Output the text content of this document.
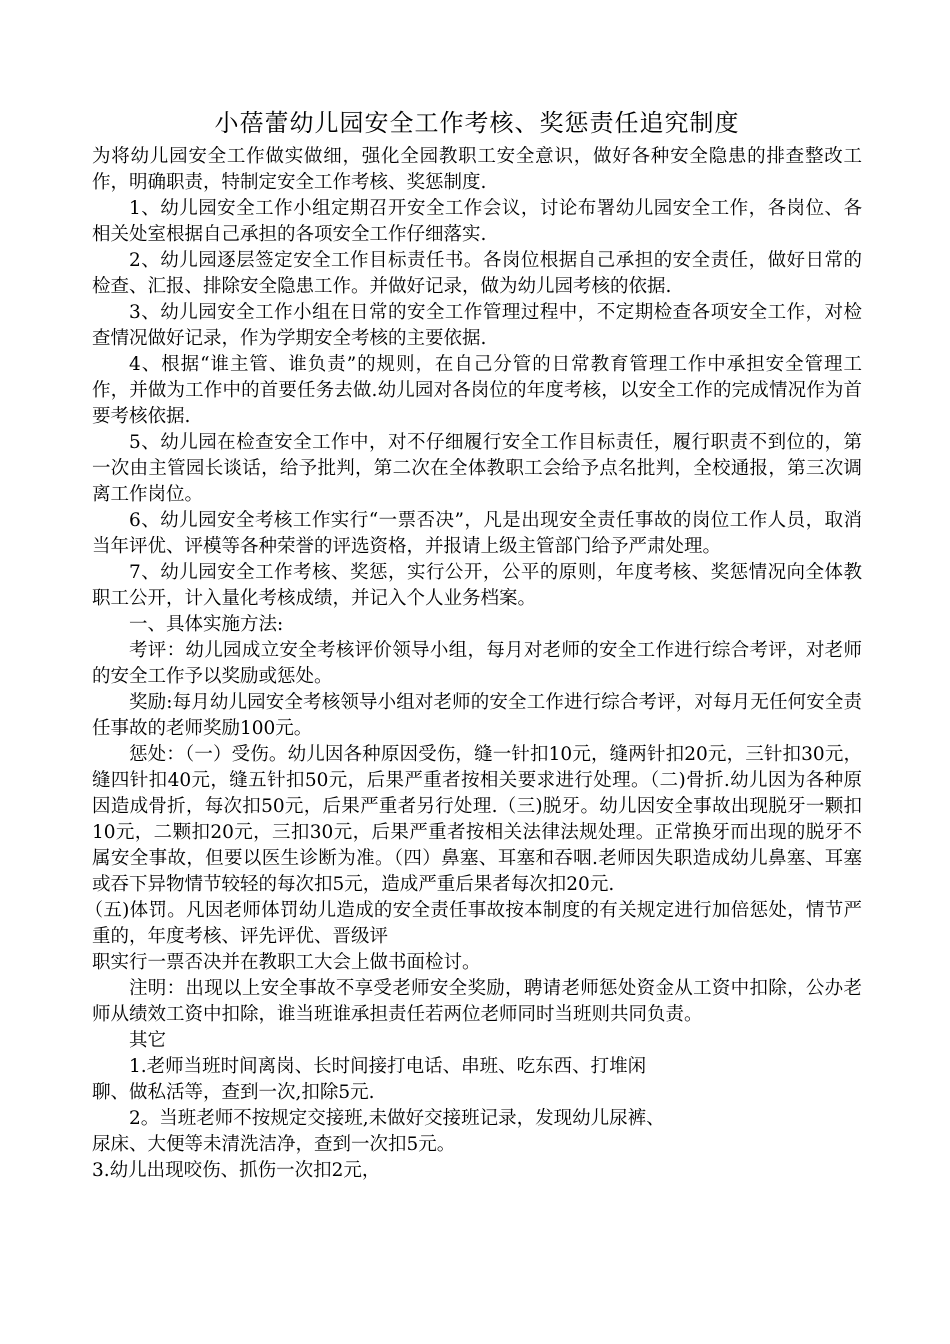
小蓓蕾幼儿园安全工作考核、奖惩责任追究制度

为将幼儿园安全工作做实做细，强化全园教职工安全意识，做好各种安全隐患的排查整改工作，明确职责，特制定安全工作考核、奖惩制度.

1、幼儿园安全工作小组定期召开安全工作会议，讨论布署幼儿园安全工作，各岗位、各相关处室根据自己承担的各项安全工作仔细落实.

2、幼儿园逐层签定安全工作目标责任书。各岗位根据自己承担的安全责任，做好日常的检查、汇报、排除安全隐患工作。并做好记录，做为幼儿园考核的依据.

3、幼儿园安全工作小组在日常的安全工作管理过程中，不定期检查各项安全工作，对检查情况做好记录，作为学期安全考核的主要依据.

4、根据“谁主管、谁负责”的规则，在自己分管的日常教育管理工作中承担安全管理工作，并做为工作中的首要任务去做.幼儿园对各岗位的年度考核，以安全工作的完成情况作为首要考核依据.

5、幼儿园在检查安全工作中，对不仔细履行安全工作目标责任，履行职责不到位的，第一次由主管园长谈话，给予批判，第二次在全体教职工会给予点名批判，全校通报，第三次调离工作岗位。

6、幼儿园安全考核工作实行“一票否决”，凡是出现安全责任事故的岗位工作人员，取消当年评优、评模等各种荣誉的评选资格，并报请上级主管部门给予严肃处理。

7、幼儿园安全工作考核、奖惩，实行公开，公平的原则，年度考核、奖惩情况向全体教职工公开，计入量化考核成绩，并记入个人业务档案。

一、具体实施方法:

考评：幼儿园成立安全考核评价领导小组，每月对老师的安全工作进行综合考评，对老师的安全工作予以奖励或惩处。

奖励:每月幼儿园安全考核领导小组对老师的安全工作进行综合考评，对每月无任何安全责任事故的老师奖励100元。

惩处：（一）受伤。幼儿因各种原因受伤，缝一针扣10元，缝两针扣20元，三针扣30元，缝四针扣40元，缝五针扣50元，后果严重者按相关要求进行处理。（二)骨折.幼儿因为各种原因造成骨折，每次扣50元，后果严重者另行处理.（三)脱牙。幼儿因安全事故出现脱牙一颗扣10元，二颗扣20元，三扣30元，后果严重者按相关法律法规处理。正常换牙而出现的脱牙不属安全事故，但要以医生诊断为准。（四）鼻塞、耳塞和吞咽.老师因失职造成幼儿鼻塞、耳塞或吞下异物情节较轻的每次扣5元，造成严重后果者每次扣20元.

（五)体罚。凡因老师体罚幼儿造成的安全责任事故按本制度的有关规定进行加倍惩处，情节严重的，年度考核、评先评优、晋级评

职实行一票否决并在教职工大会上做书面检讨。

注明：出现以上安全事故不享受老师安全奖励，聘请老师惩处资金从工资中扣除，公办老师从绩效工资中扣除，谁当班谁承担责任若两位老师同时当班则共同负责。

其它

1.老师当班时间离岗、长时间接打电话、串班、吃东西、打堆闲

聊、做私活等，查到一次,扣除5元.

2。当班老师不按规定交接班,未做好交接班记录，发现幼儿尿裤、

尿床、大便等未清洗洁净，查到一次扣5元。

3.幼儿出现咬伤、抓伤一次扣2元，
